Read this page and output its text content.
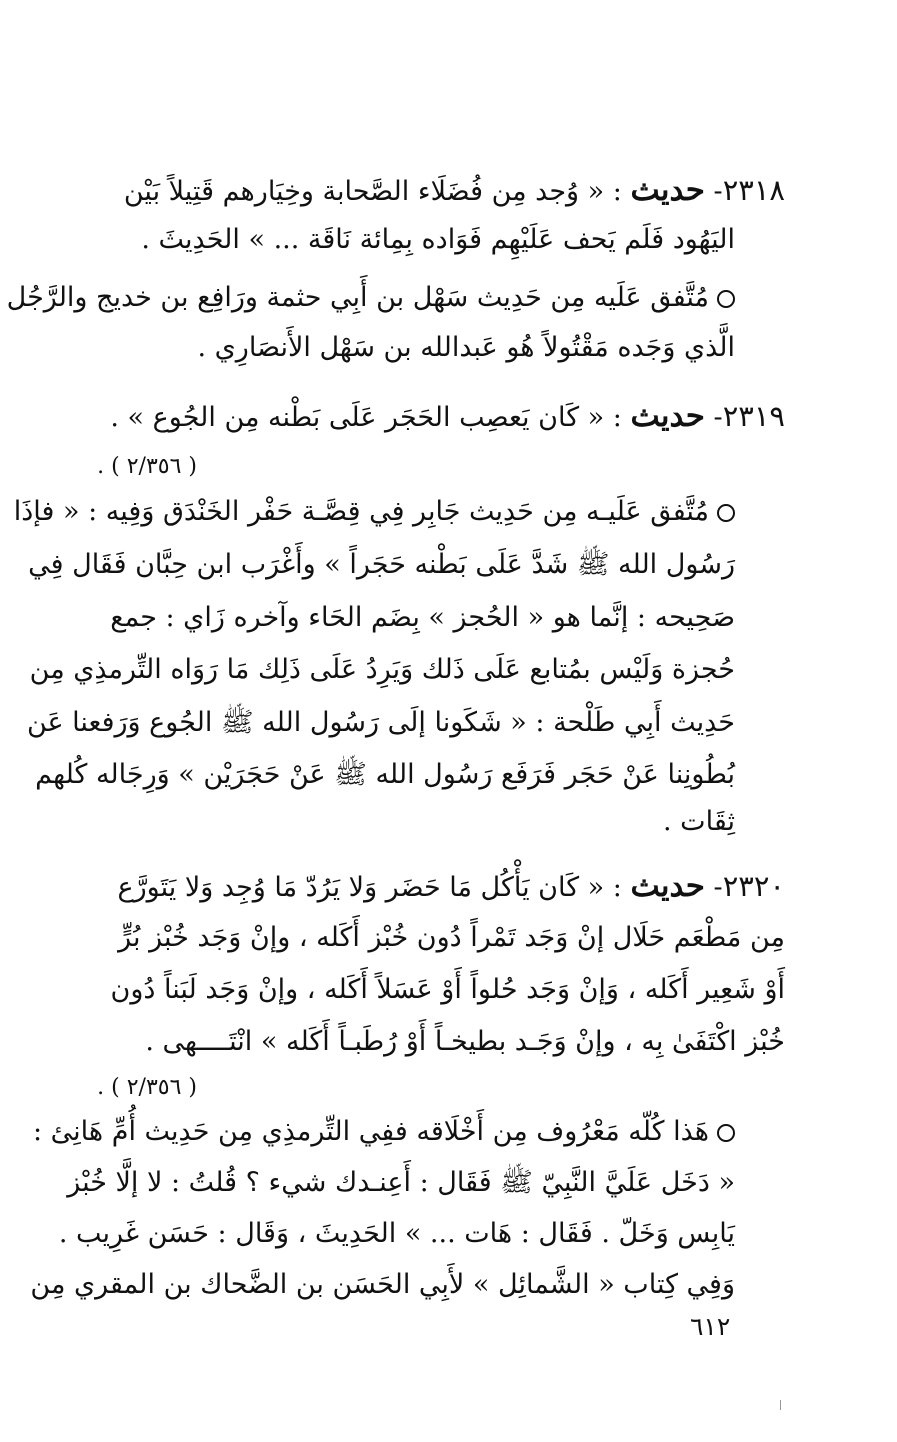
٢٣١٨- حديث : « وُجد مِن فُضَلَاء الصَّحابة وخِيَارهم قَتِيلاً بَيْن
اليَهُود فَلَم يَحف عَلَيْهِم فَوَاده بِمِائة نَاقَة ... » الحَدِيثَ .
مُتَّفق عَلَيه مِن حَدِيث سَهْل بن أَبِي حثمة ورَافِع بن خديج والرَّجُل
الَّذي وَجَده مَقْتُولاً هُو عَبدالله بن سَهْل الأَنصَارِي .
٢٣١٩- حديث : « كَان يَعصِب الحَجَر عَلَى بَطْنه مِن الجُوع » .
( ٢/٣٥٦ ) .
مُتَّفق عَلَيـه مِن حَدِيث جَابِر فِي قِصَّـة حَفْر الخَنْدَق وَفِيه : « فإذَا
رَسُول الله ﷺ شَدَّ عَلَى بَطْنه حَجَراً » وأَغْرَب ابن حِبَّان فَقَال فِي
صَحِيحه : إنَّما هو « الحُجز » بِضَم الحَاء وآخره زَاي : جمع
حُجزة وَلَيْس بمُتابع عَلَى ذَلك وَيَرِدُ عَلَى ذَلِك مَا رَوَاه التِّرمذِي مِن
حَدِيث أَبِي طَلْحة : « شَكَونا إلَى رَسُول الله ﷺ الجُوع وَرَفعنا عَن
بُطُونِنا عَنْ حَجَر فَرَفَع رَسُول الله ﷺ عَنْ حَجَرَيْن » وَرِجَاله كُلهم
ثِقَات .
٢٣٢٠- حديث : « كَان يَأْكُل مَا حَضَر وَلا يَرُدّ مَا وُجِد وَلا يَتَورَّع
مِن مَطْعَم حَلَال إنْ وَجَد تَمْراً دُون خُبْز أَكَله ، وإنْ وَجَد خُبْز بُرٍّ
أَوْ شَعِير أَكَله ، وَإنْ وَجَد حُلواً أَوْ عَسَلاً أَكَله ، وإنْ وَجَد لَبَناً دُون
خُبْز اكْتَفَىٰ بِه ، وإنْ وَجَـد بطيخـاً أَوْ رُطَبـاً أَكَله » انْتَــــهى .
( ٢/٣٥٦ ) .
هَذا كُلّه مَعْرُوف مِن أَخْلَاقه ففِي التِّرمذِي مِن حَدِيث أُمِّ هَانِئ :
« دَخَل عَلَيَّ النَّبِيّ ﷺ فَقَال : أَعِنـدك شيء ؟ قُلتُ : لا إلَّا خُبْز
يَابِس وَخَلّ . فَقَال : هَات ... » الحَدِيثَ ، وَقَال : حَسَن غَرِيب .
وَفِي كِتاب « الشَّمائِل » لأَبِي الحَسَن بن الضَّحاك بن المقري مِن
٦١٢
